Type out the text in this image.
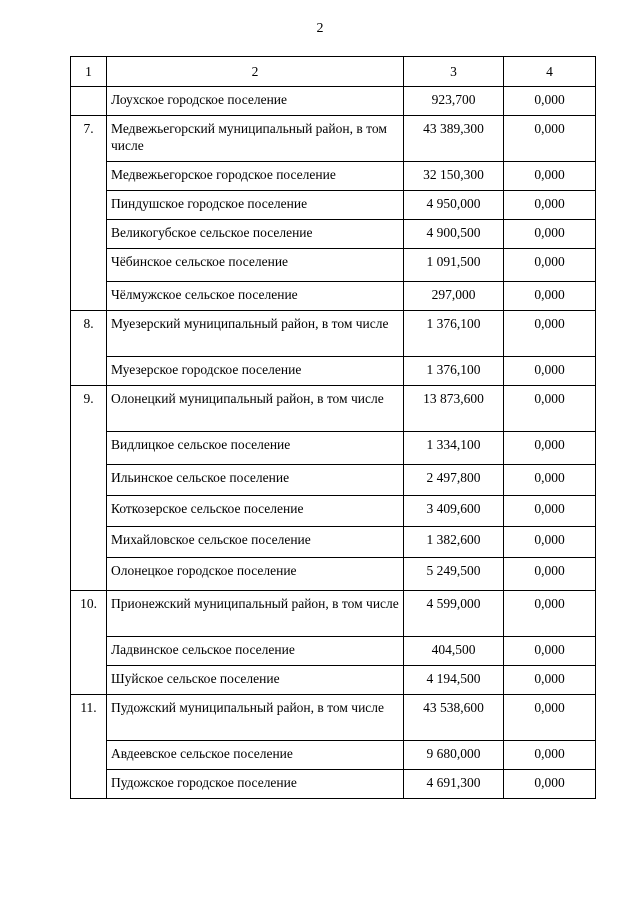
2
1	2	3	4
	Лоухское городское поселение	923,700	0,000
7.	Медвежьегорский муниципальный район, в том числе	43 389,300	0,000
	Медвежьегорское городское поселение	32 150,300	0,000
	Пиндушское городское поселение	4 950,000	0,000
	Великогубское сельское поселение	4 900,500	0,000
	Чёбинское сельское поселение	1 091,500	0,000
	Чёлмужское сельское поселение	297,000	0,000
8.	Муезерский муниципальный район, в том числе	1 376,100	0,000
	Муезерское городское поселение	1 376,100	0,000
9.	Олонецкий муниципальный район, в том числе	13 873,600	0,000
	Видлицкое сельское поселение	1 334,100	0,000
	Ильинское сельское поселение	2 497,800	0,000
	Коткозерское сельское поселение	3 409,600	0,000
	Михайловское сельское поселение	1 382,600	0,000
	Олонецкое городское поселение	5 249,500	0,000
10.	Прионежский муниципальный район, в том числе	4 599,000	0,000
	Ладвинское сельское поселение	404,500	0,000
	Шуйское сельское поселение	4 194,500	0,000
11.	Пудожский муниципальный район, в том числе	43 538,600	0,000
	Авдеевское сельское поселение	9 680,000	0,000
	Пудожское городское поселение	4 691,300	0,000
